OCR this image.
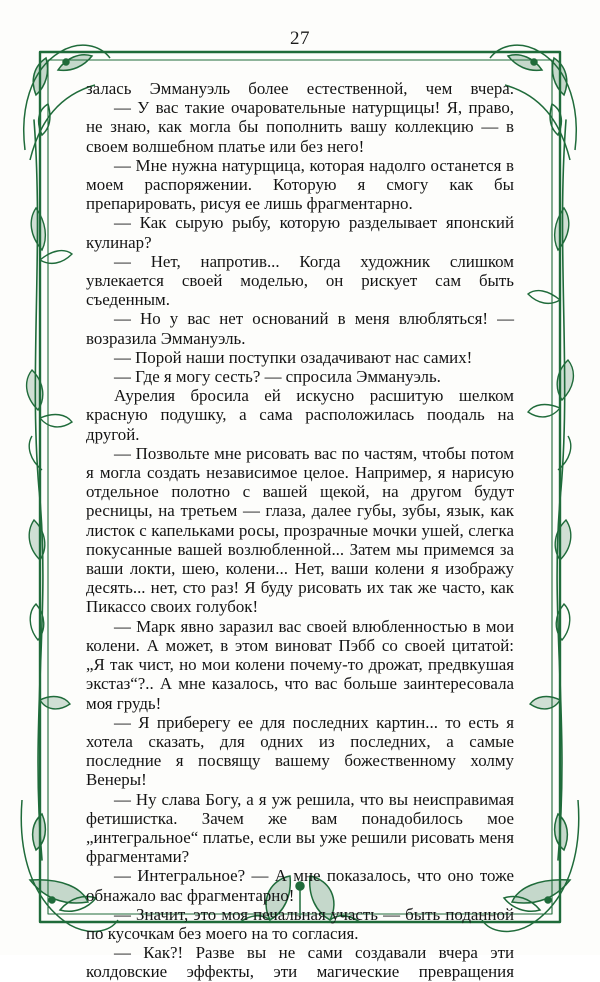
27

залась Эммануэль более естественной, чем вчера.

— У вас такие очаровательные натурщицы! Я, право, не знаю, как могла бы пополнить вашу коллекцию — в своем волшебном платье или без него!

— Мне нужна натурщица, которая надолго останется в моем распоряжении. Которую я смогу как бы препарировать, рисуя ее лишь фрагментарно.

— Как сырую рыбу, которую разделывает японский кулинар?

— Нет, напротив... Когда художник слишком увлекается своей моделью, он рискует сам быть съеденным.

— Но у вас нет оснований в меня влюбляться! — возразила Эммануэль.

— Порой наши поступки озадачивают нас самих!

— Где я могу сесть? — спросила Эммануэль.

Аурелия бросила ей искусно расшитую шелком красную подушку, а сама расположилась поодаль на другой.

— Позвольте мне рисовать вас по частям, чтобы потом я могла создать независимое целое. Например, я нарисую отдельное полотно с вашей щекой, на другом будут ресницы, на третьем — глаза, далее губы, зубы, язык, как листок с капельками росы, прозрачные мочки ушей, слегка покусанные вашей возлюбленной... Затем мы примемся за ваши локти, шею, колени... Нет, ваши колени я изображу десять... нет, сто раз! Я буду рисовать их так же часто, как Пикассо своих голубок!

— Марк явно заразил вас своей влюбленностью в мои колени. А может, в этом виноват Пэбб со своей цитатой: „Я так чист, но мои колени почему-то дрожат, предвкушая экстаз“?.. А мне казалось, что вас больше заинтересовала моя грудь!

— Я приберегу ее для последних картин... то есть я хотела сказать, для одних из последних, а самые последние я посвящу вашему божественному холму Венеры!

— Ну слава Богу, а я уж решила, что вы неисправимая фетишистка. Зачем же вам понадобилось мое „интегральное“ платье, если вы уже решили рисовать меня фрагментами?

— Интегральное? — А мне показалось, что оно тоже обнажало вас фрагментарно!

— Значит, это моя печальная участь — быть поданной по кусочкам без моего на то согласия.

— Как?! Разве вы не сами создавали вчера эти колдовские эффекты, эти магические превращения
